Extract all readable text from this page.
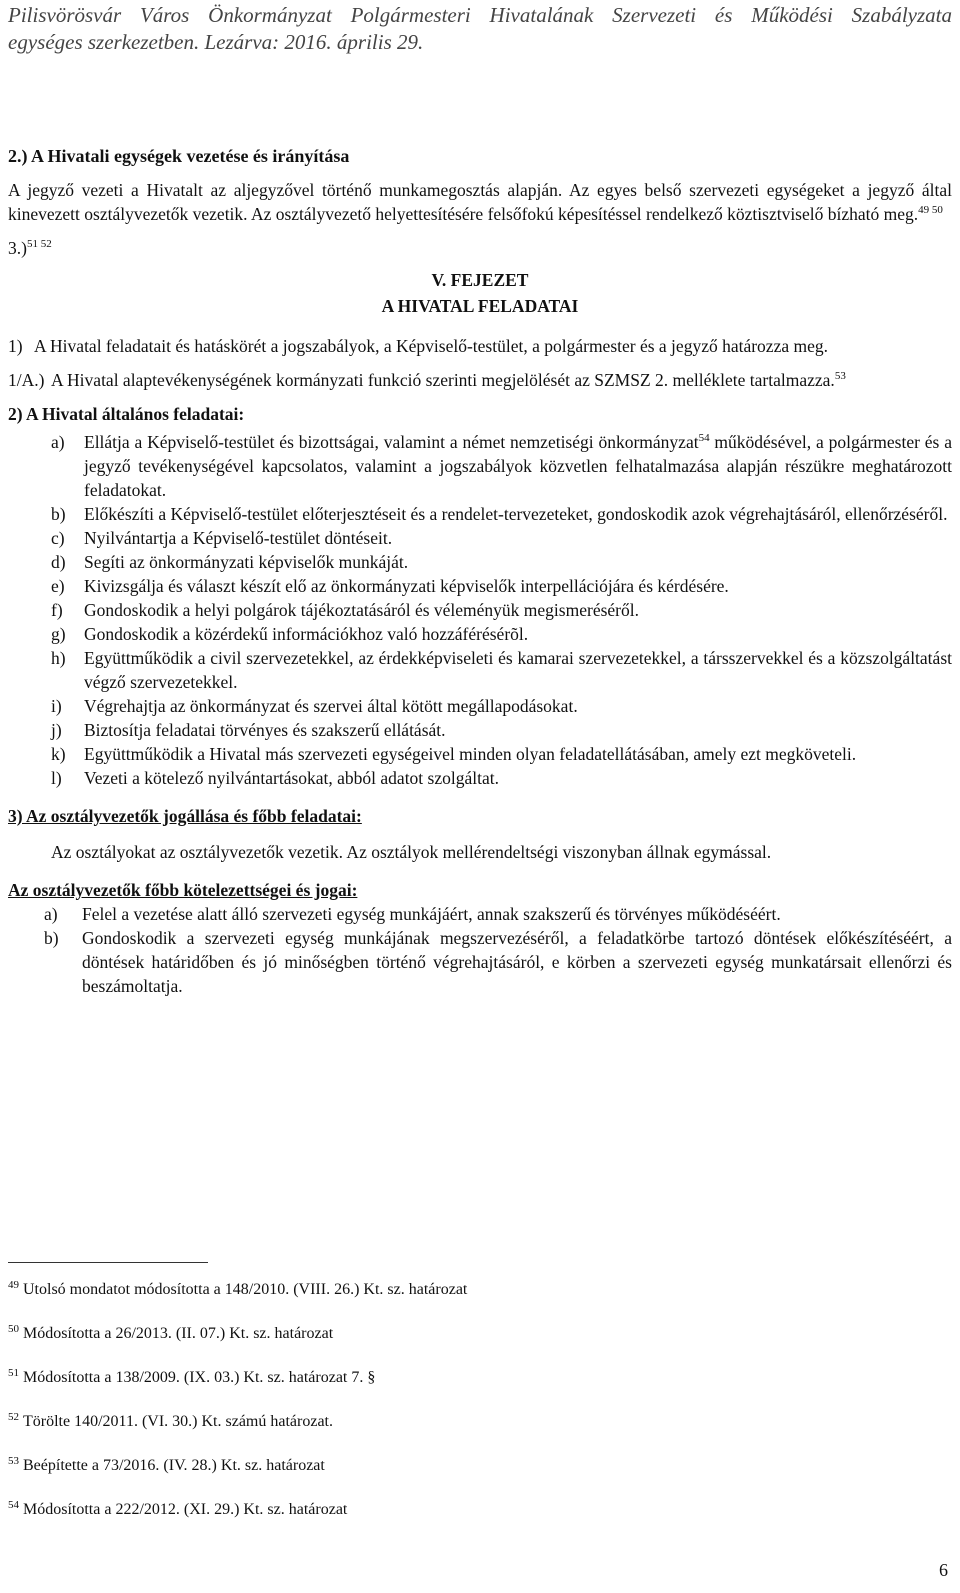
Pilisvörösvár Város Önkormányzat Polgármesteri Hivatalának Szervezeti és Működési Szabályzata
egységes szerkezetben. Lezárva: 2016. április 29.

2.) A Hivatali egységek vezetése és irányítása

A jegyző vezeti a Hivatalt az aljegyzővel történő munkamegosztás alapján. Az egyes belső szervezeti egységeket a jegyző által kinevezett osztályvezetők vezetik. Az osztályvezető helyettesítésére felsőfokú képesítéssel rendelkező köztisztviselő bízható meg.$^{49 50}$

3.)$^{51 52}$

V. FEJEZET

A HIVATAL FELADATAI

1) A Hivatal feladatait és hatáskörét a jogszabályok, a Képviselő-testület, a polgármester és a jegyző határozza meg.
1/A.) A Hivatal alaptevékenységének kormányzati funkció szerinti megjelölését az SZMSZ 2. melléklete tartalmazza.$^{53}$

2) A Hivatal általános feladatai:

a)	Ellátja a Képviselő-testület és bizottságai, valamint a német nemzetiségi önkormányzat$^{54}$ működésével, a polgármester és a jegyző tevékenységével kapcsolatos, valamint a jogszabályok közvetlen felhatalmazása alapján részükre meghatározott feladatokat.
b)	Előkészíti a Képviselő-testület előterjesztéseit és a rendelet-tervezeteket, gondoskodik azok végrehajtásáról, ellenőrzéséről.
c)	Nyilvántartja a Képviselő-testület döntéseit.
d)	Segíti az önkormányzati képviselők munkáját.
e)	Kivizsgálja és választ készít elő az önkormányzati képviselők interpellációjára és kérdésére.
f)	Gondoskodik a helyi polgárok tájékoztatásáról és véleményük megismeréséről.
g)	Gondoskodik a közérdekű információkhoz való hozzáférésérõl.
h)	Együttműködik a civil szervezetekkel, az érdekképviseleti és kamarai szervezetekkel, a társszervekkel és a közszolgáltatást végző szervezetekkel.
i)	Végrehajtja az önkormányzat és szervei által kötött megállapodásokat.
j)	Biztosítja feladatai törvényes és szakszerű ellátását.
k)	Együttműködik a Hivatal más szervezeti egységeivel minden olyan feladatellátásában, amely ezt megköveteli.
l)	Vezeti a kötelező nyilvántartásokat, abból adatot szolgáltat.

3) Az osztályvezetők jogállása és főbb feladatai:

Az osztályokat az osztályvezetők vezetik. Az osztályok mellérendeltségi viszonyban állnak egymással.

Az osztályvezetők főbb kötelezettségei és jogai:

a)	Felel a vezetése alatt álló szervezeti egység munkájáért, annak szakszerű és törvényes működéséért.
b)	Gondoskodik a szervezeti egység munkájának megszervezéséről, a feladatkörbe tartozó döntések előkészítéséért, a döntések határidőben és jó minőségben történő végrehajtásáról, e körben a szervezeti egység munkatársait ellenőrzi és beszámoltatja.
$^{49}$ Utolsó mondatot módosította a 148/2010. (VIII. 26.) Kt. sz. határozat
$^{50}$ Módosította a 26/2013. (II. 07.) Kt. sz. határozat
$^{51}$ Módosította a 138/2009. (IX. 03.) Kt. sz. határozat 7. §
$^{52}$ Törölte 140/2011. (VI. 30.) Kt. számú határozat.
$^{53}$ Beépítette a 73/2016. (IV. 28.) Kt. sz. határozat
$^{54}$ Módosította a 222/2012. (XI. 29.) Kt. sz. határozat
6
